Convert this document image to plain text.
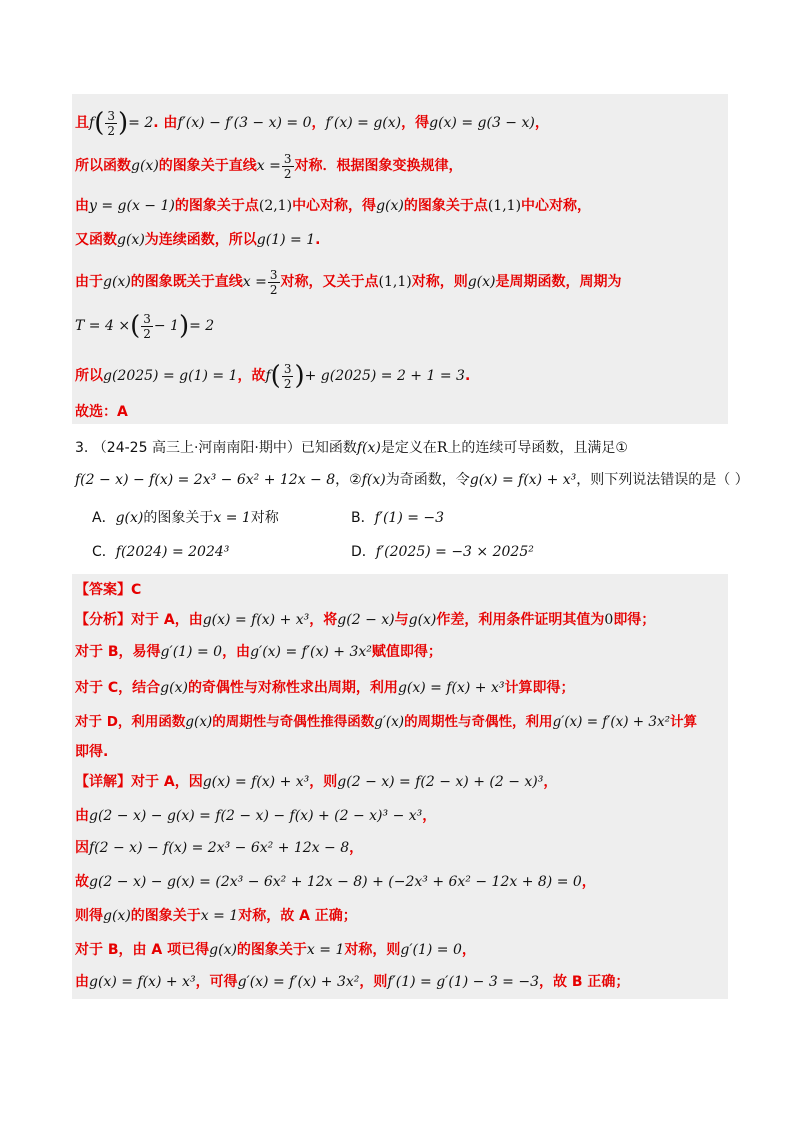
且$f( \frac{3}{2}$ )= 2. 由f′(x) − f′(3 − x) = 0，f′(x) = g(x)，得g(x) = g(3 − x)，
所以函数g(x)的图象关于直线$x = \frac{3}{2}$ 对称．根据图象变换规律，
由y = g(x − 1)的图象关于点(2,1)中心对称，得g(x)的图象关于点(1,1)中心对称，
又函数g(x)为连续函数，所以g(1) = 1.
由于g(x)的图象既关于直线$x = \frac{3}{2}$ 对称，又关于点(1,1)对称，则g(x)是周期函数，周期为
T = 4 ×( $\frac{3}{2} - 1)= 2$
所以g(2025) = g(1) = 1，故$f( \frac{3}{2}$ )+ g(2025) = 2 + 1 = 3.
故选：A
3. （24-25 高三上·河南南阳·期中）已知函数f(x)是定义在R上的连续可导函数，且满足①
f(2 − x) − f(x) = 2x³ − 6x² + 12x − 8，②f(x)为奇函数，令g(x) = f(x) + x³，则下列说法错误的是（ ）
A．g(x)的图象关于x = 1对称	B．f′(1) = −3
C．f(2024) = 2024³	D．f′(2025) = −3 × 2025²
【答案】C
【分析】对于 A，由g(x) = f(x) + x³，将g(2 − x)与g(x)作差，利用条件证明其值为0即得；
对于 B，易得g′(1) = 0，由g′(x) = f′(x) + 3x²赋值即得；
对于 C，结合g(x)的奇偶性与对称性求出周期，利用g(x) = f(x) + x³计算即得；
对于 D，利用函数g(x)的周期性与奇偶性推得函数g′(x)的周期性与奇偶性，利用g′(x) = f′(x) + 3x²计算
即得.
【详解】对于 A，因g(x) = f(x) + x³，则g(2 − x) = f(2 − x) + (2 − x)³，
由g(2 − x) − g(x) = f(2 − x) − f(x) + (2 − x)³ − x³，
因f(2 − x) − f(x) = 2x³ − 6x² + 12x − 8，
故g(2 − x) − g(x) = (2x³ − 6x² + 12x − 8) + (−2x³ + 6x² − 12x + 8) = 0，
则得g(x)的图象关于x = 1对称，故 A 正确；
对于 B，由 A 项已得g(x)的图象关于x = 1对称，则g′(1) = 0，
由g(x) = f(x) + x³，可得g′(x) = f′(x) + 3x²，则f′(1) = g′(1) − 3 = −3，故 B 正确；
